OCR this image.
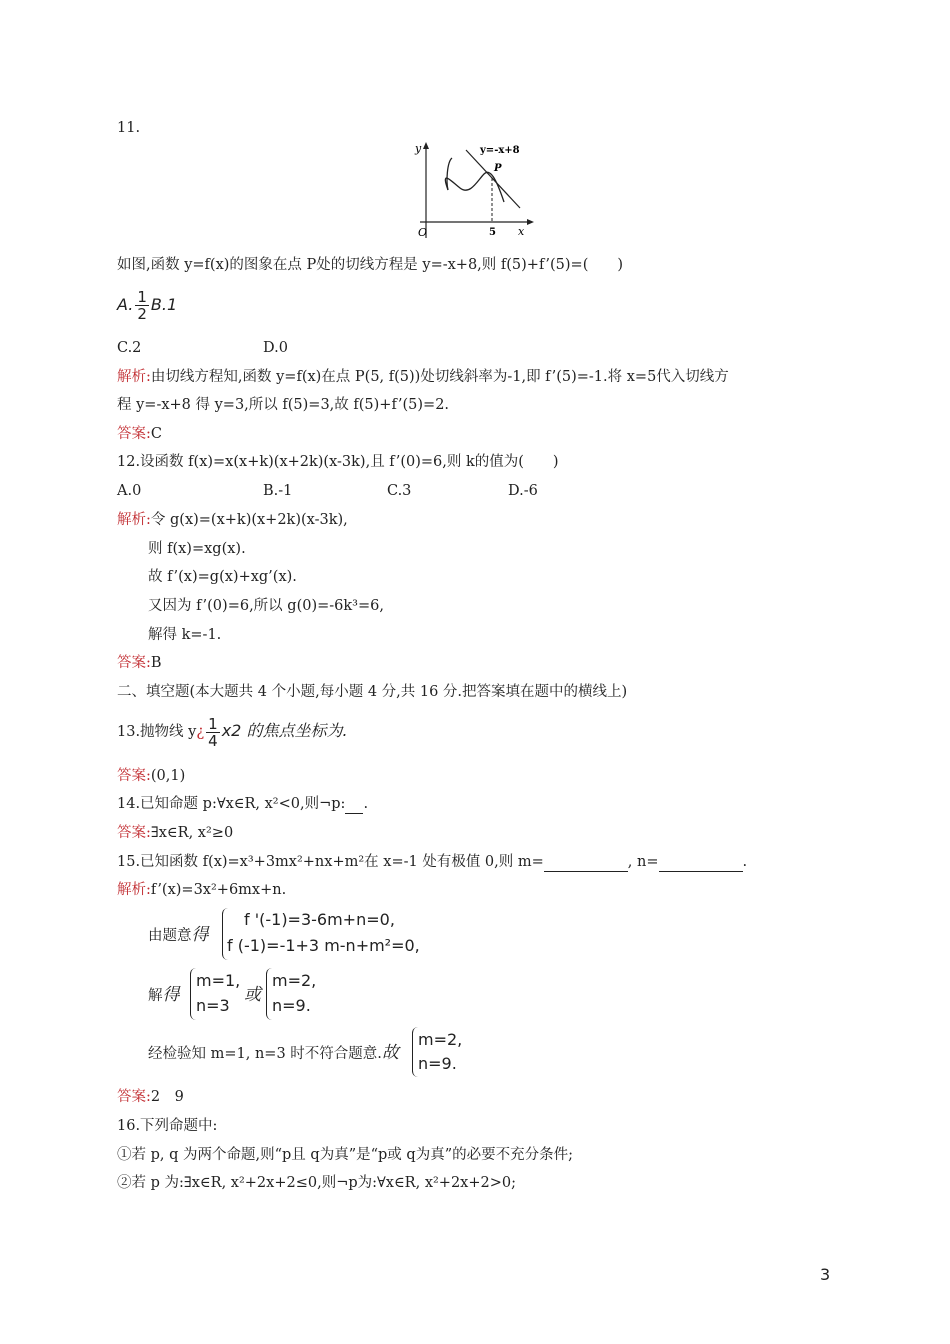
11.
y
x
O	5
P
y=-x+8
如图,函数 y=f(x)的图象在点 P处的切线方程是 y=-x+8,则 f(5)+f’(5)=(　　)
A. $\frac{1}{2} B.1$
C.2	D.0
解析:由切线方程知,函数 y=f(x)在点 P(5, f(5))处切线斜率为-1,即 f’(5)=-1.将 x=5代入切线方
程 y=-x+8 得 y=3,所以 f(5)=3,故 f(5)+f’(5)=2.
答案:C
12.设函数 f(x)=x(x+k)(x+2k)(x-3k),且 f’(0)=6,则 k的值为(　　)
A.0	B.-1	C.3	D.-6
解析:令 g(x)=(x+k)(x+2k)(x-3k),
则 f(x)=xg(x).
故 f’(x)=g(x)+xg’(x).
又因为 f’(0)=6,所以 g(0)=-6k³=6,
解得 k=-1.
答案:B
二、填空题(本大题共 4 个小题,每小题 4 分,共 16 分.把答案填在题中的横线上)
13.抛物线 y¿ $\frac{1}{4} x2$ 的焦点坐标为.
答案:(0,1)
14.已知命题 p:∀x∈R, x²<0,则¬p: .
答案:∃x∈R, x²≥0
15.已知函数 f(x)=x³+3mx²+nx+m²在 x=-1 处有极值 0,则 m=	, n=	.
解析:f’(x)=3x²+6mx+n.
由题意得
f '(-1)=3-6m+n=0,
f (-1)=-1+3 m-n+m²=0,
解得
m=1,
n=3
或
m=2,
n=9.
经检验知 m=1, n=3 时不符合题意.故
m=2,
n=9.
答案:2　9
16.下列命题中:
①若 p, q 为两个命题,则“p且 q为真”是“p或 q为真”的必要不充分条件;
②若 p 为:∃x∈R, x²+2x+2≤0,则¬p为:∀x∈R, x²+2x+2>0;
3
